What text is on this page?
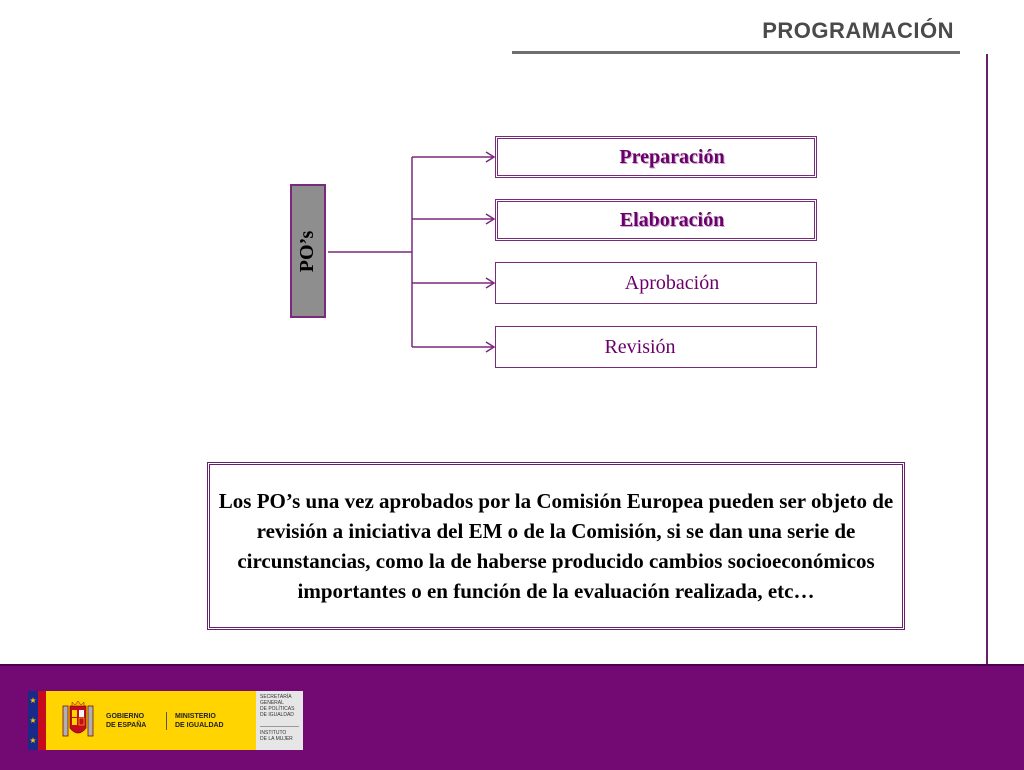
PROGRAMACIÓN
PO’s
Preparación
Elaboración
Aprobación
Revisión
Los PO’s una vez aprobados por la Comisión Europea pueden ser objeto de revisión a iniciativa del EM o de la Comisión, si se dan una serie de circunstancias, como la de haberse producido cambios socioeconómicos importantes o en función de la evaluación realizada, etc…
★
★
★
GOBIERNO
DE ESPAÑA
MINISTERIO
DE IGUALDAD
SECRETARÍA
GENERAL
DE POLÍTICAS
DE IGUALDAD
INSTITUTO
DE LA MUJER
